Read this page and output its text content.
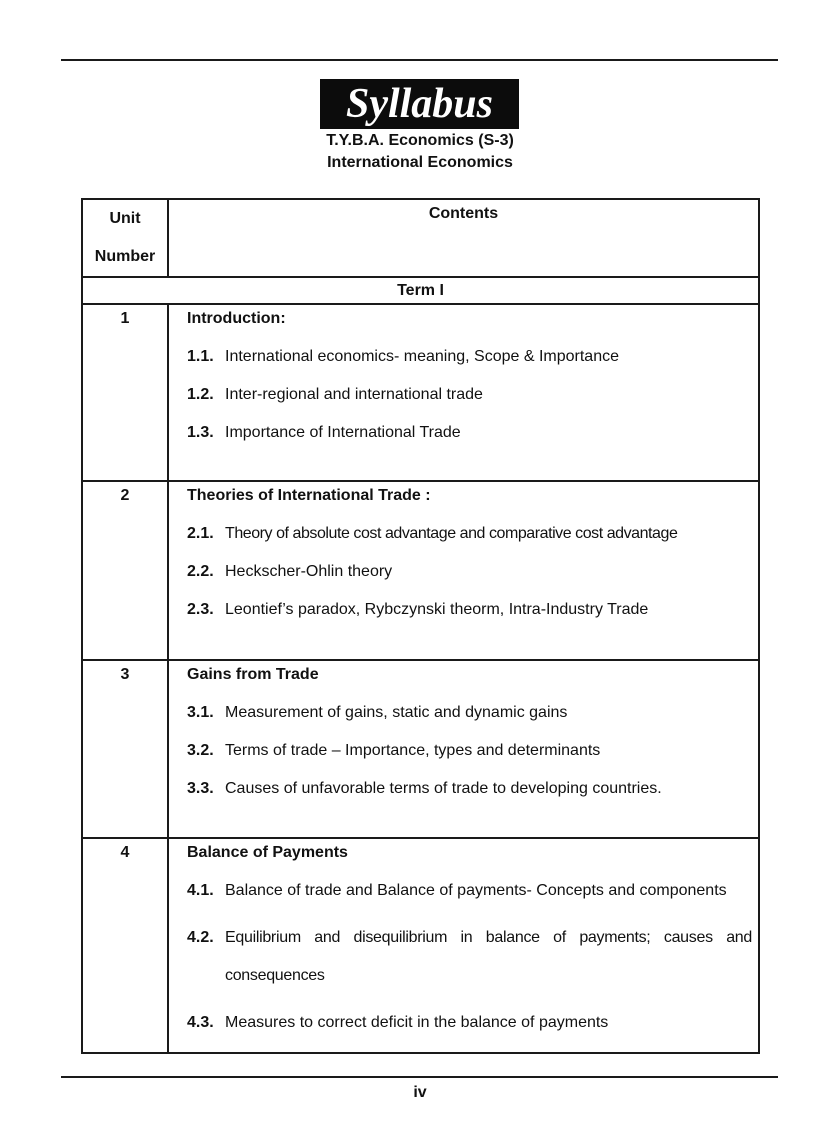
Syllabus
T.Y.B.A. Economics (S-3)
International Economics
Unit
Number	Contents
Term I	
1	Introduction:
1.1. International economics- meaning, Scope & Importance
1.2. Inter-regional and international trade
1.3. Importance of International Trade

2	Theories of International Trade :
2.1. Theory of absolute cost advantage and comparative cost advantage
2.2. Heckscher-Ohlin theory
2.3. Leontief’s paradox, Rybczynski theorm, Intra-Industry Trade

3	Gains from Trade
3.1. Measurement of gains, static and dynamic gains
3.2. Terms of trade – Importance, types and determinants
3.3. Causes of unfavorable terms of trade to developing countries.

4	Balance of Payments
4.1. Balance of trade and Balance of payments- Concepts and components
4.2. Equilibrium and disequilibrium in balance of payments; causes and consequences
4.3. Measures to correct deficit in the balance of payments
iv
